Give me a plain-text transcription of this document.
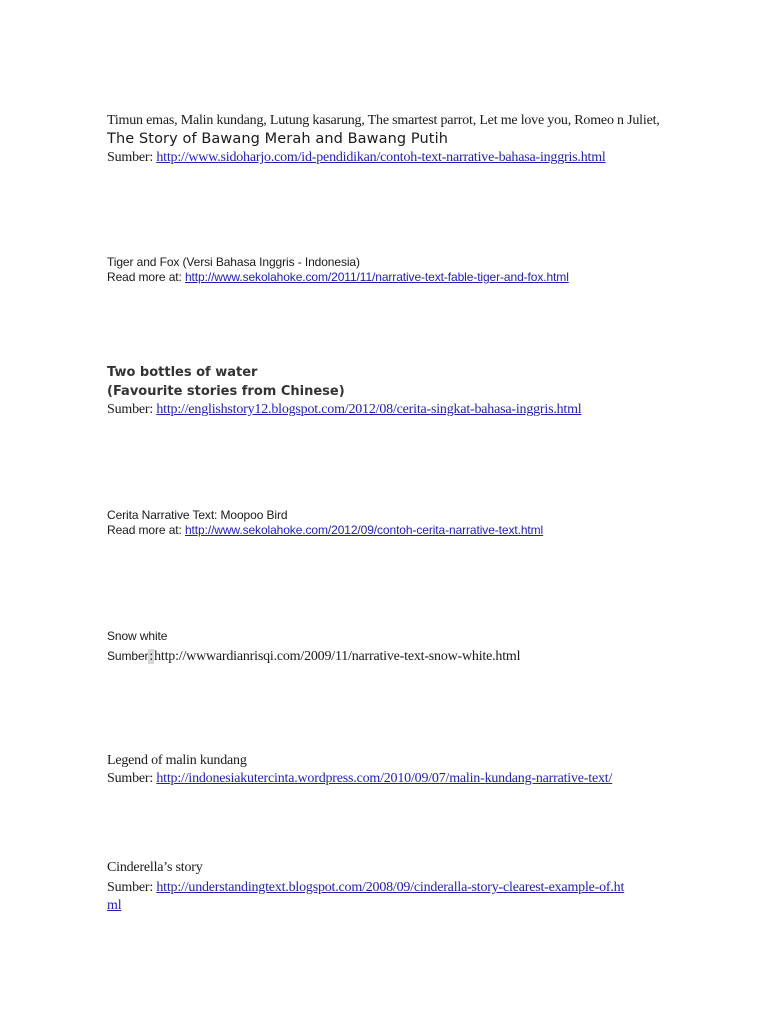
Timun emas, Malin kundang, Lutung kasarung, The smartest parrot, Let me love you, Romeo n Juliet, The Story of Bawang Merah and Bawang Putih
Sumber: http://www.sidoharjo.com/id-pendidikan/contoh-text-narrative-bahasa-inggris.html
Tiger and Fox (Versi Bahasa Inggris - Indonesia)
Read more at: http://www.sekolahoke.com/2011/11/narrative-text-fable-tiger-and-fox.html
Two bottles of water
(Favourite stories from Chinese)
Sumber: http://englishstory12.blogspot.com/2012/08/cerita-singkat-bahasa-inggris.html
Cerita Narrative Text: Moopoo Bird
Read more at: http://www.sekolahoke.com/2012/09/contoh-cerita-narrative-text.html
Snow white
Sumber:http://wwwardianrisqi.com/2009/11/narrative-text-snow-white.html
Legend of malin kundang
Sumber: http://indonesiakutercinta.wordpress.com/2010/09/07/malin-kundang-narrative-text/
Cinderella’s story
Sumber: http://understandingtext.blogspot.com/2008/09/cinderalla-story-clearest-example-of.html
